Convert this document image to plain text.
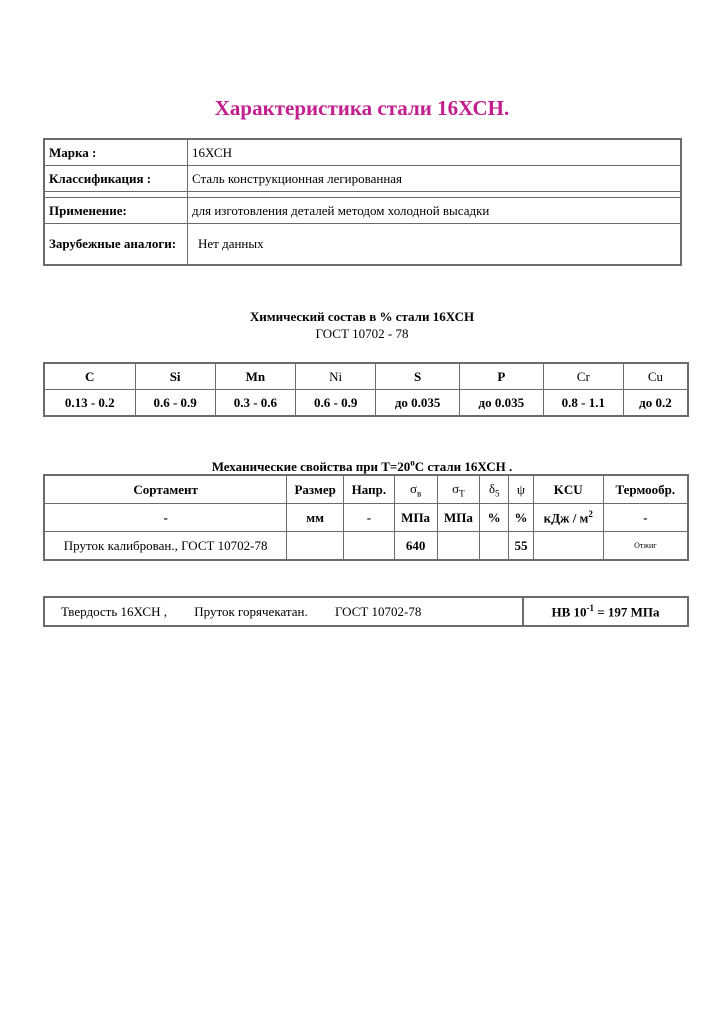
Характеристика стали 16ХСН.
Марка :	16ХСН
Классификация :	Сталь конструкционная легированная

Применение:	для изготовления деталей методом холодной высадки
Зарубежные аналоги:	Нет данных
Химический состав в % стали 16ХСН
ГОСТ 10702 - 78
C	Si	Mn	Ni	S	P	Cr	Cu
0.13 - 0.2	0.6 - 0.9	0.3 - 0.6	0.6 - 0.9	до 0.035	до 0.035	0.8 - 1.1	до 0.2
Механические свойства при $Т=20^oС$ стали 16ХСН .
Сортамент	Размер	Напр.	$\sigma_в$	$\sigma_T$	$\delta_5$	ψ	KCU	Термообр.
-	мм	-	МПа	МПа	%	%	кДж / $м^2$	-
Пруток калиброван., ГОСТ 10702-78			640			55		Отжиг
Твердость 16ХСН , Пруток горячекатан. ГОСТ 10702-78	HB $10^{-1} = 197$ МПа
